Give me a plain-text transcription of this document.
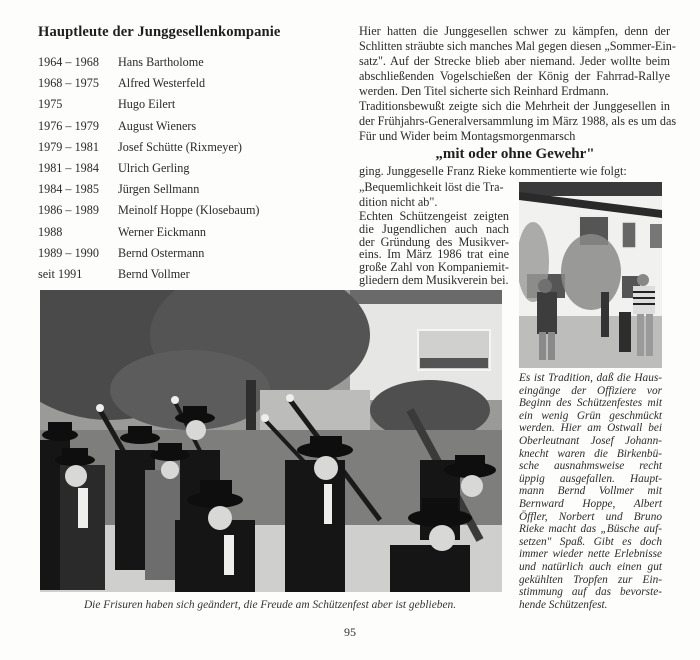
Hauptleute der Junggesellenkompanie
1964 – 1968 Hans Bartholome
1968 – 1975 Alfred Westerfeld
1975	Hugo Eilert
1976 – 1979 August Wieners
1979 – 1981 Josef Schütte (Rixmeyer)
1981 – 1984 Ulrich Gerling
1984 – 1985 Jürgen Sellmann
1986 – 1989 Meinolf Hoppe (Klosebaum)
1988	Werner Eickmann
1989 – 1990 Bernd Ostermann
seit 1991	Bernd Vollmer
Hier hatten die Junggesellen schwer zu kämpfen, denn der
Schlitten sträubte sich manches Mal gegen diesen „Sommer-Ein-
satz". Auf der Strecke blieb aber niemand. Jeder wollte beim
abschließenden Vogelschießen der König der Fahrrad-Rallye
werden. Den Titel sicherte sich Reinhard Erdmann.
Traditionsbewußt zeigte sich die Mehrheit der Junggesellen in
der Frühjahrs-Generalversammlung im März 1988, als es um das
Für und Wider beim Montagsmorgenmarsch
„mit oder ohne Gewehr"
ging. Junggeselle Franz Rieke kommentierte wie folgt:
„Bequemlichkeit löst die Tra-
dition nicht ab".
Echten Schützengeist zeigten
die Jugendlichen auch nach
der Gründung des Musikver-
eins. Im März 1986 trat eine
große Zahl von Kompaniemit-
gliedern dem Musikverein bei.
Es ist Tradition, daß die Haus-
eingänge der Offiziere vor
Beginn des Schützenfestes mit
ein wenig Grün geschmückt
werden. Hier am Ostwall bei
Oberleutnant Josef Johann-
knecht waren die Birkenbü-
sche ausnahmsweise recht
üppig ausgefallen. Haupt-
mann Bernd Vollmer mit
Bernward Hoppe, Albert
Öffler, Norbert und Bruno
Rieke macht das „Büsche auf-
setzen" Spaß. Gibt es doch
immer wieder nette Erlebnisse
und natürlich auch einen gut
gekühlten Tropfen zur Ein-
stimmung auf das bevorste-
hende Schützenfest.
Die Frisuren haben sich geändert, die Freude am Schützenfest aber ist geblieben.
95
